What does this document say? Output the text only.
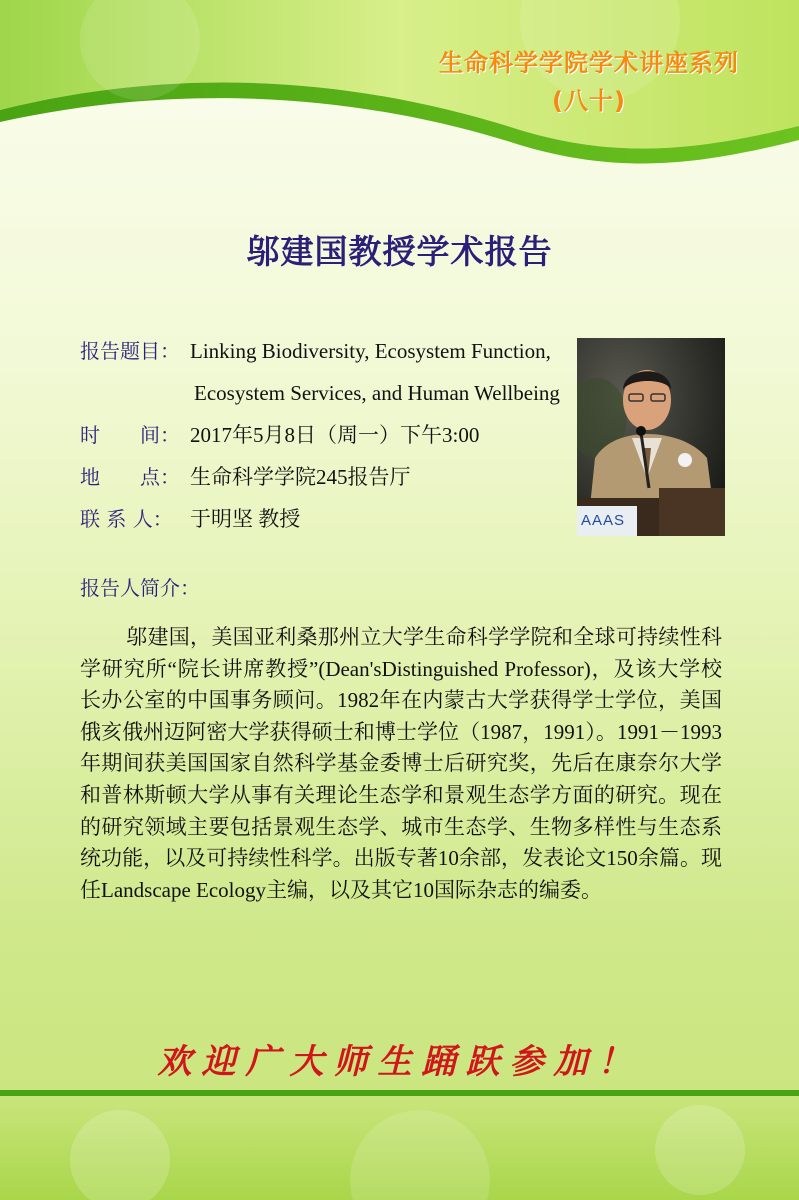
生命科学学院学术讲座系列
(八十)
邬建国教授学术报告
报告题目： Linking Biodiversity, Ecosystem Function,
Ecosystem Services, and Human Wellbeing
时　　间： 2017年5月8日（周一）下午3:00
地　　点： 生命科学学院245报告厅
联 系 人： 于明坚 教授	AAAS
报告人简介：

邬建国，美国亚利桑那州立大学生命科学学院和全球可持续性科学研究所“院长讲席教授”(Dean'sDistinguished Professor)，及该大学校长办公室的中国事务顾问。1982年在内蒙古大学获得学士学位，美国俄亥俄州迈阿密大学获得硕士和博士学位（1987，1991）。1991－1993年期间获美国国家自然科学基金委博士后研究奖，先后在康奈尔大学和普林斯顿大学从事有关理论生态学和景观生态学方面的研究。现在的研究领域主要包括景观生态学、城市生态学、生物多样性与生态系统功能，以及可持续性科学。出版专著10余部，发表论文150余篇。现任Landscape Ecology主编，以及其它10国际杂志的编委。

欢迎广大师生踊跃参加！
